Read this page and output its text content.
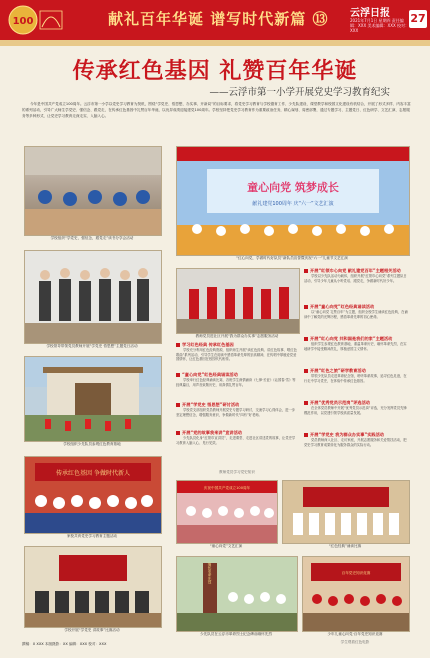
100	献礼百年华诞 谱写时代新篇 ⑬ 云浮日报
2021年7月1日 星期四 责任编辑：XXX 美术编辑：XXX 校对：XXX
27
传承红色基因 礼赞百年华诞
——云浮市第一小学开展党史学习教育纪实
今年是中国共产党成立100周年。云浮市第一小学以党史学习教育为契机，围绕“学党史、悟思想、办实事、开新局”的目标要求，将党史学习教育与学校德育工作、少先队建设、课堂教学和校园文化建设有机结合，开展了形式多样、内容丰富的系列活动，引导广大师生学党史、强信念、跟党走，在传承红色基因中礼赞百年华诞，以优异成绩迎接建党100周年。学校坚持把党史学习教育作为重要政治任务，精心谋划、周密部署，通过专题学习、主题党日、红色研学、文艺汇演、志愿服务等多种形式，让党史学习教育走深走实、入脑入心。
学校组织“学党史，强信念，跟党走”读书分享会活动
学校领导带领党员教师开展“学党史 悟思想”主题党日活动
学校组织少先队员参观红色教育基地
传承红色基因 争做时代新人
家校共育党史学习教育主题活动
学校开展“学党史 讲故事”比赛活动
童心向党 筑梦成长
献礼建党100周年 庆“六一”文艺汇演
“红心向党，学做时代好队员”新队员宣誓暨庆祝“六一”儿童节文艺汇演
教师党员进社区开展“我为群众办实事”志愿服务活动
学习红色经典 传承红色基因
学校充分利用红色经典资源，组织师生开展“读红色经典、讲红色故事、唱红色歌曲”系列活动，引导学生在阅读中感悟革命先辈的崇高精神，在传唱中厚植爱党爱国情怀，让红色基因在校园代代相传。
“童心向党”红色经典诵读活动
学校举行红色经典诵读比赛，各班学生深情诵读《七律·长征》《沁园春·雪》等经典篇目，用声音致敬历史，用真情礼赞百年。
开展“学党史 悟思想”研讨活动
学校党支部组织党员教师开展党史专题学习研讨，交流学习心得体会，进一步坚定理想信念，增强服务意识，争做新时代“四有”好老师。
开展“党的故事我来讲”宣讲活动
少先队员化身“红领巾宣讲员”，走进课堂、走进社区讲述党的故事，让党史学习教育入脑入心、见行见效。
开展“红领巾心向党 献礼建党百年”主题相关活动
学校以少先队活动为载体，组织开展“红领巾心向党”系列主题队日活动，引导少年儿童从小听党话、跟党走，争做新时代好少年。
开展“童心向党”红色经典诵读活动
以“童心向党 礼赞百年”为主题，组织全校学生诵读红色经典，在诵读中了解党的光辉历程，感悟革命先辈的初心使命。
开展“红心向党 共和国是我们的家”主题活动
组织学生参观红色教育基地，重温革命历史，缅怀革命先烈，在实地研学中接受精神洗礼，厚植爱国主义情怀。
开展“红色之旅”研学教育活动
带领少先队员走进革命纪念馆，聆听革命故事，追寻红色足迹，在行走中学习党史，在体验中传承红色基因。
开展“优秀党员示范岗”评选活动
在全体党员教师中开展“优秀党员示范岗”评选，充分发挥党员先锋模范作用，以党建引领学校高质量发展。
开展“学党史 我为群众办实事”实践活动
党员教师深入社区、走访家庭，开展志愿服务和关爱帮扶活动，把党史学习教育成果转化为服务群众的实际行动。
庆祝中国共产党成立100周年
“童心向党”文艺汇演	“红色经典”诵读比赛
缅怀革命先烈
少先队员在云浮市革命烈士纪念碑前缅怀先烈
百年党史知识竞赛
少年儿童心向党·百年党史知识竞赛
教师党员学习党史知识
学生观看红色电影
撰稿：X XXX 本版摄影：XX 编辑：XXX 校对：XXX
